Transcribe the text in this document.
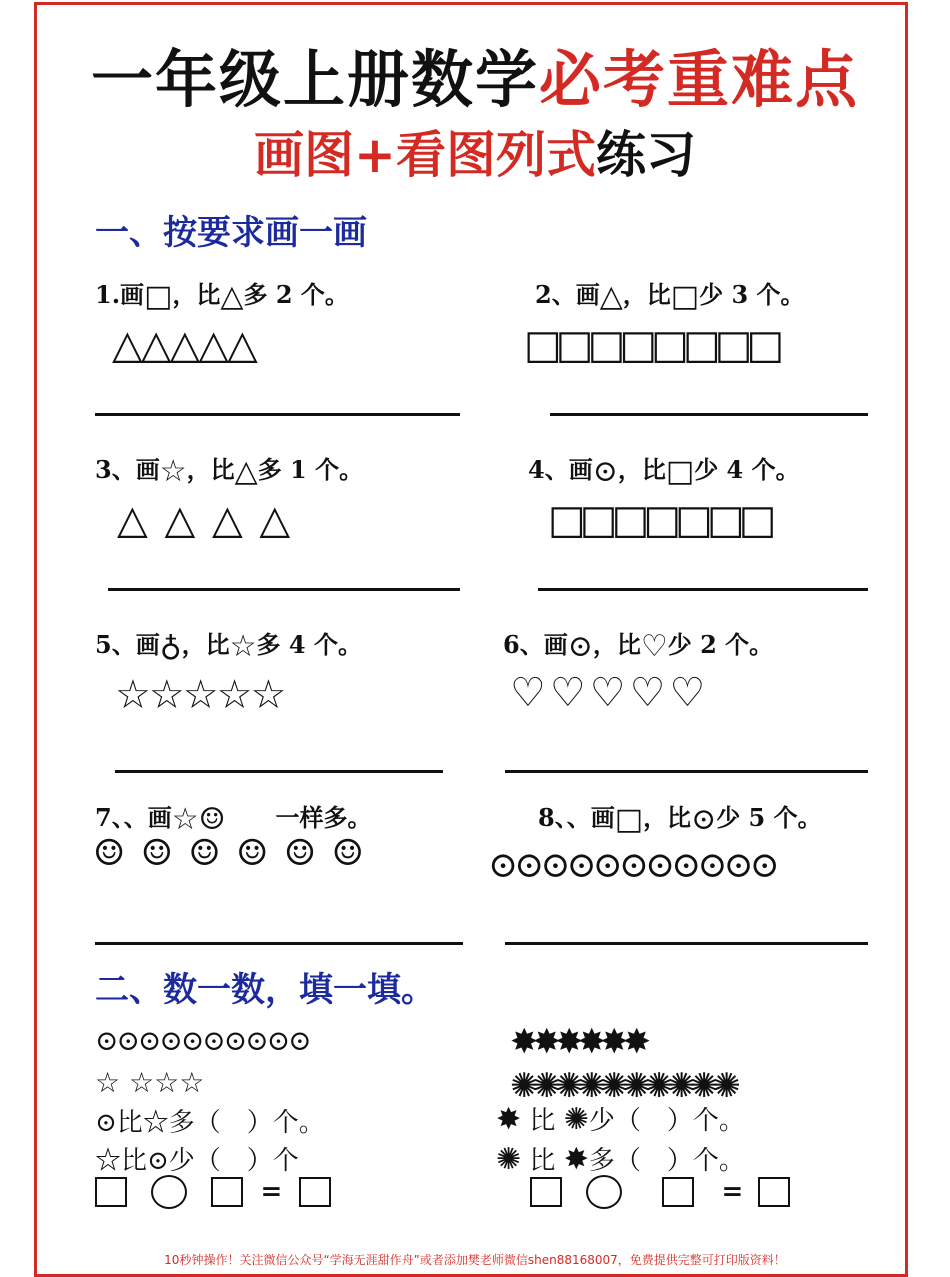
一年级上册数学必考重难点
画图+看图列式练习
一、按要求画一画
1.画□，比△多 2 个。
△△△△△
2、画△，比□少 3 个。
□□□□□□□□
3、画☆，比△多 1 个。
△ △ △ △
4、画⊙，比□少 4 个。
□□□□□□□
5、画♁，比☆多 4 个。
☆☆☆☆☆
6、画⊙，比♡少 2 个。
♡♡♡♡♡
7、、画☆☺ 一样多。
☺ ☺ ☺ ☺ ☺ ☺
8、、画□，比⊙少 5 个。
⊙⊙⊙⊙⊙⊙⊙⊙⊙⊙⊙
二、数一数，填一填。
⊙⊙⊙⊙⊙⊙⊙⊙⊙⊙
☆ ☆☆☆
⊙比☆多（　）个。
☆比⊙少（　）个
=
✸✸✸✸✸✸
✺✺✺✺✺✺✺✺✺✺
✸ 比 ✺少（　）个。
✺ 比 ✸多（　）个。
=
10秒钟操作！关注微信公众号“学海无涯甜作舟”或者添加樊老师微信shen88168007，免费提供完整可打印版资料！
